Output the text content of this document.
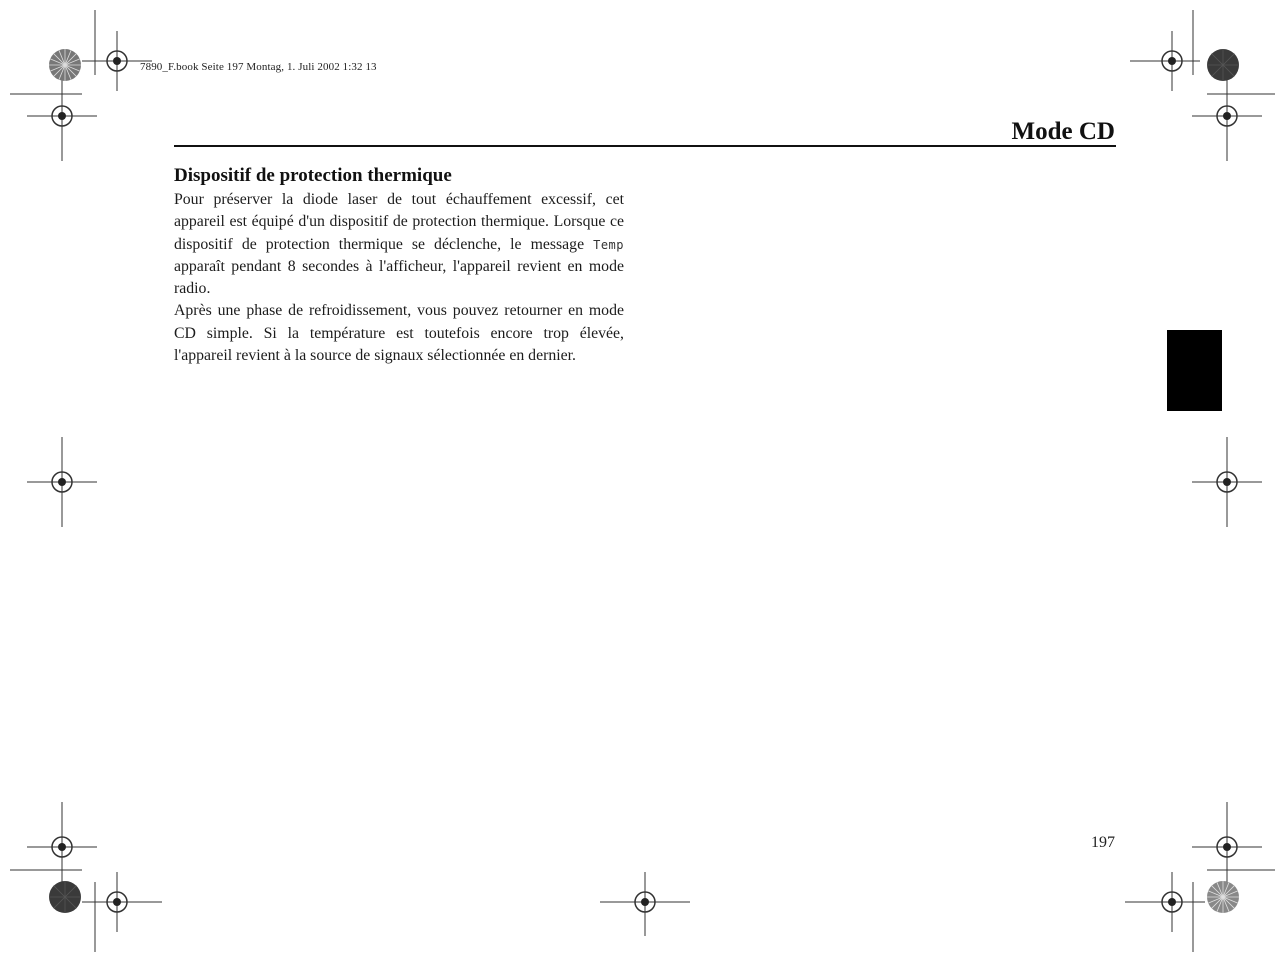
7890_F.book Seite 197 Montag, 1. Juli 2002 1:32 13
Mode CD
Dispositif de protection thermique

Pour préserver la diode laser de tout échauffement excessif, cet appareil est équipé d'un dispositif de protection thermique. Lorsque ce dispositif de protection thermique se déclenche, le message Temp apparaît pendant 8 secondes à l'afficheur, l'appareil revient en mode radio.

Après une phase de refroidissement, vous pouvez retourner en mode CD simple. Si la température est toutefois encore trop élevée, l'appareil revient à la source de signaux sélectionnée en dernier.

197
